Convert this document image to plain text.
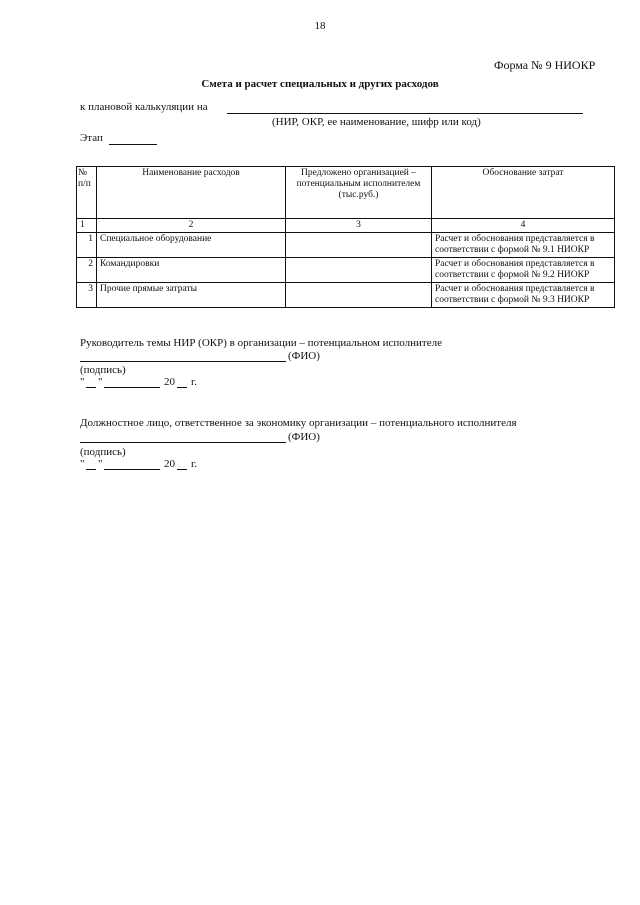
18
Форма № 9 НИОКР
Смета и расчет специальных и других расходов
к плановой калькуляции на
(НИР, ОКР, ее наименование, шифр или код)
Этап
№ п/п	Наименование расходов	Предложено организацией – потенциальным исполнителем (тыс.руб.)	Обоснование затрат
1	2	3	4
1	Специальное оборудование		Расчет и обоснования представляется в соответствии с формой № 9.1 НИОКР
2	Командировки		Расчет и обоснования представляется в соответствии с формой № 9.2 НИОКР
3	Прочие прямые затраты		Расчет и обоснования представляется в соответствии с формой № 9.3 НИОКР
Руководитель темы НИР (ОКР) в организации – потенциальном исполнителе
(ФИО)
(подпись)
" "	20 г.
Должностное лицо, ответственное за экономику организации – потенциального исполнителя
(ФИО)
(подпись)
" "	20 г.
